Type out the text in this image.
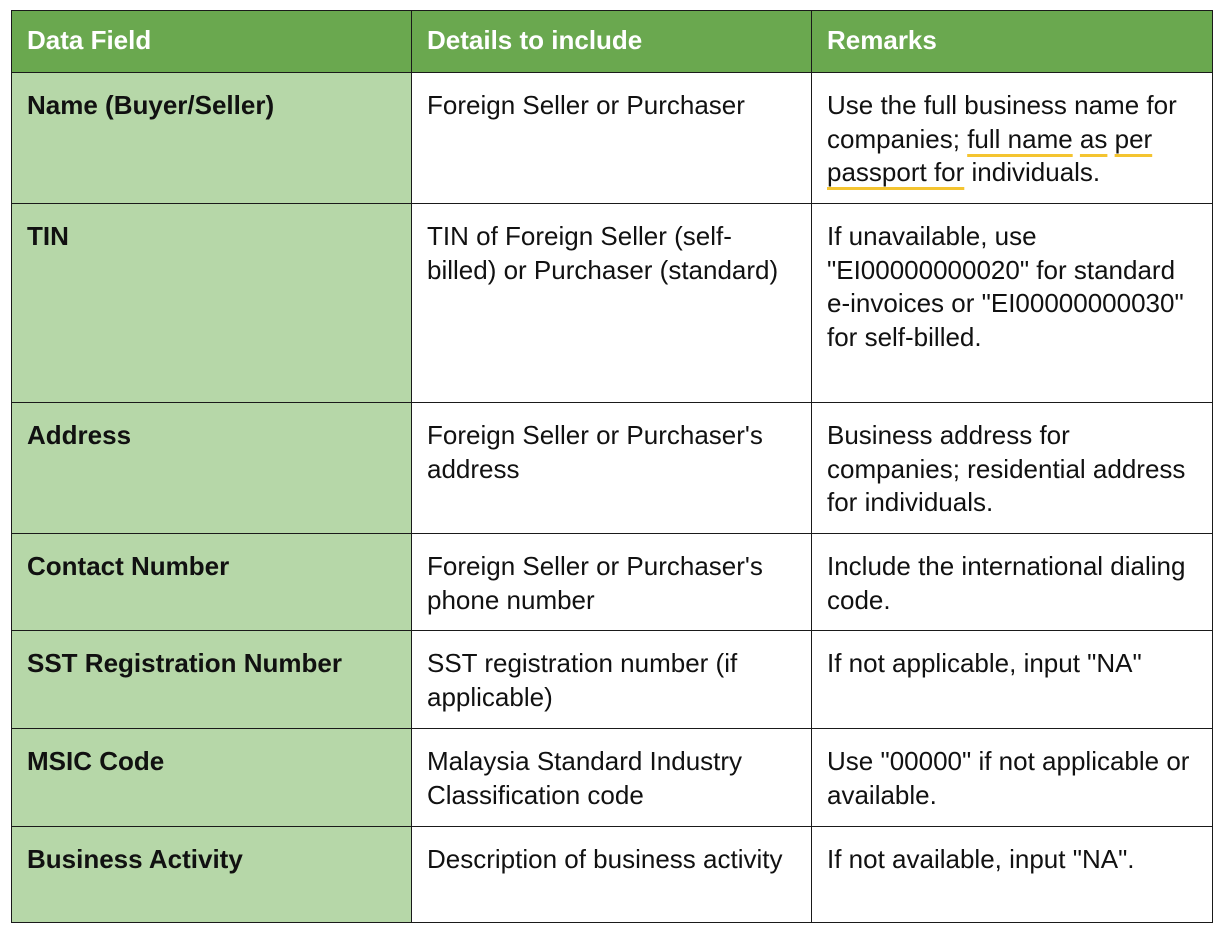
Data Field	Details to include	Remarks
Name (Buyer/Seller)	Foreign Seller or Purchaser	Use the full business name for companies; full name as per passport for individuals.
TIN	TIN of Foreign Seller (self-billed) or Purchaser (standard)	If unavailable, use "EI00000000020" for standard e-invoices or "EI00000000030" for self-billed.
Address	Foreign Seller or Purchaser's address	Business address for companies; residential address for individuals.
Contact Number	Foreign Seller or Purchaser's phone number	Include the international dialing code.
SST Registration Number	SST registration number (if applicable)	If not applicable, input "NA"
MSIC Code	Malaysia Standard Industry Classification code	Use "00000" if not applicable or available.
Business Activity	Description of business activity	If not available, input "NA".
